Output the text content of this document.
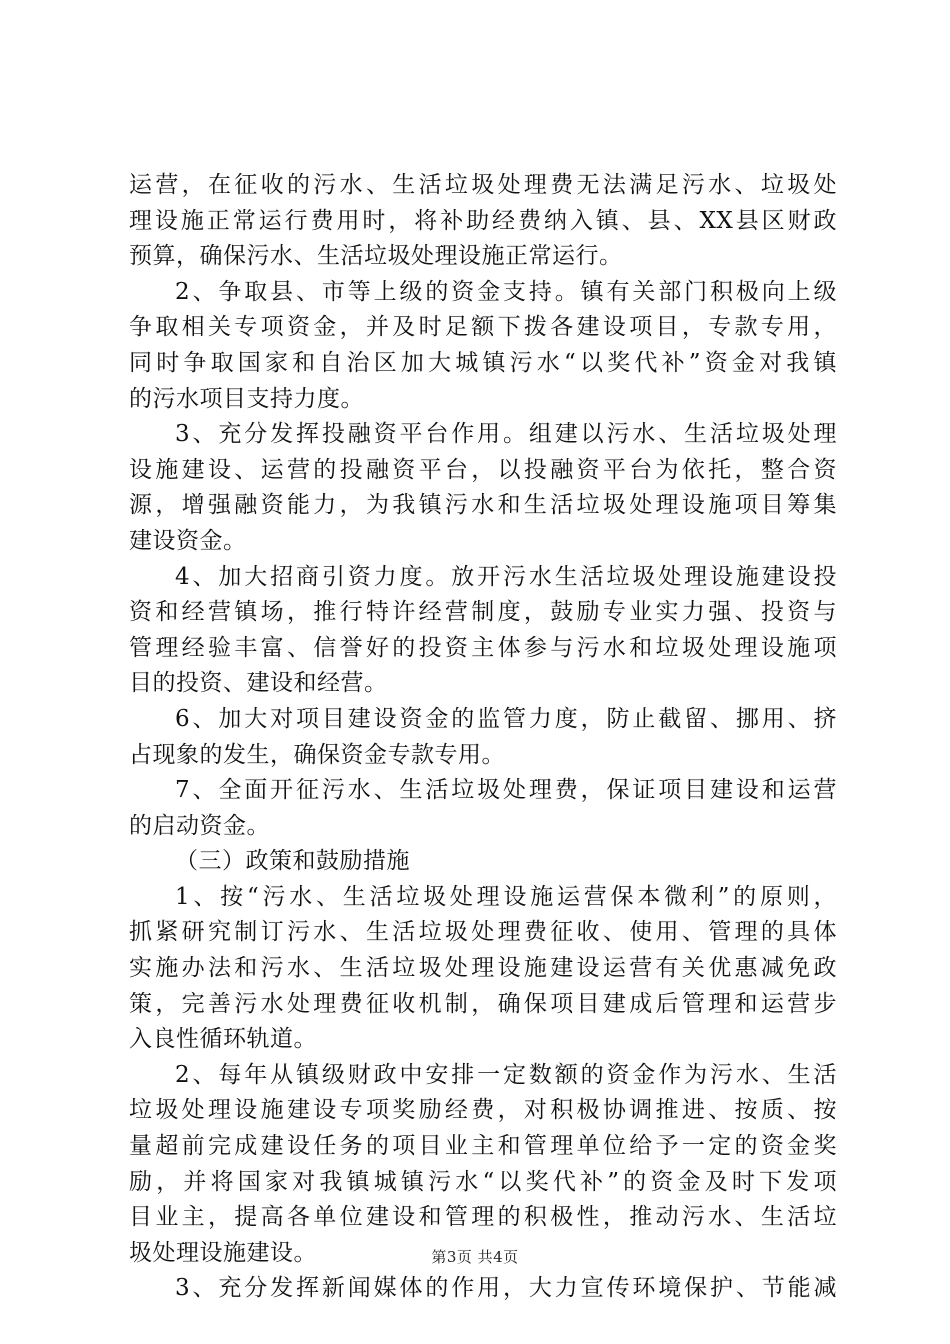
运营，在征收的污水、生活垃圾处理费无法满足污水、垃圾处
理设施正常运行费用时，将补助经费纳入镇、县、XX县区财政
预算，确保污水、生活垃圾处理设施正常运行。
2、争取县、市等上级的资金支持。镇有关部门积极向上级
争取相关专项资金，并及时足额下拨各建设项目，专款专用，
同时争取国家和自治区加大城镇污水“以奖代补”资金对我镇
的污水项目支持力度。
3、充分发挥投融资平台作用。组建以污水、生活垃圾处理
设施建设、运营的投融资平台，以投融资平台为依托，整合资
源，增强融资能力，为我镇污水和生活垃圾处理设施项目筹集
建设资金。
4、加大招商引资力度。放开污水生活垃圾处理设施建设投
资和经营镇场，推行特许经营制度，鼓励专业实力强、投资与
管理经验丰富、信誉好的投资主体参与污水和垃圾处理设施项
目的投资、建设和经营。
6、加大对项目建设资金的监管力度，防止截留、挪用、挤
占现象的发生，确保资金专款专用。
7、全面开征污水、生活垃圾处理费，保证项目建设和运营
的启动资金。
（三）政策和鼓励措施
1、按“污水、生活垃圾处理设施运营保本微利”的原则，
抓紧研究制订污水、生活垃圾处理费征收、使用、管理的具体
实施办法和污水、生活垃圾处理设施建设运营有关优惠减免政
策，完善污水处理费征收机制，确保项目建成后管理和运营步
入良性循环轨道。
2、每年从镇级财政中安排一定数额的资金作为污水、生活
垃圾处理设施建设专项奖励经费，对积极协调推进、按质、按
量超前完成建设任务的项目业主和管理单位给予一定的资金奖
励，并将国家对我镇城镇污水“以奖代补”的资金及时下发项
目业主，提高各单位建设和管理的积极性，推动污水、生活垃
圾处理设施建设。
3、充分发挥新闻媒体的作用，大力宣传环境保护、节能减
第3页 共4页
